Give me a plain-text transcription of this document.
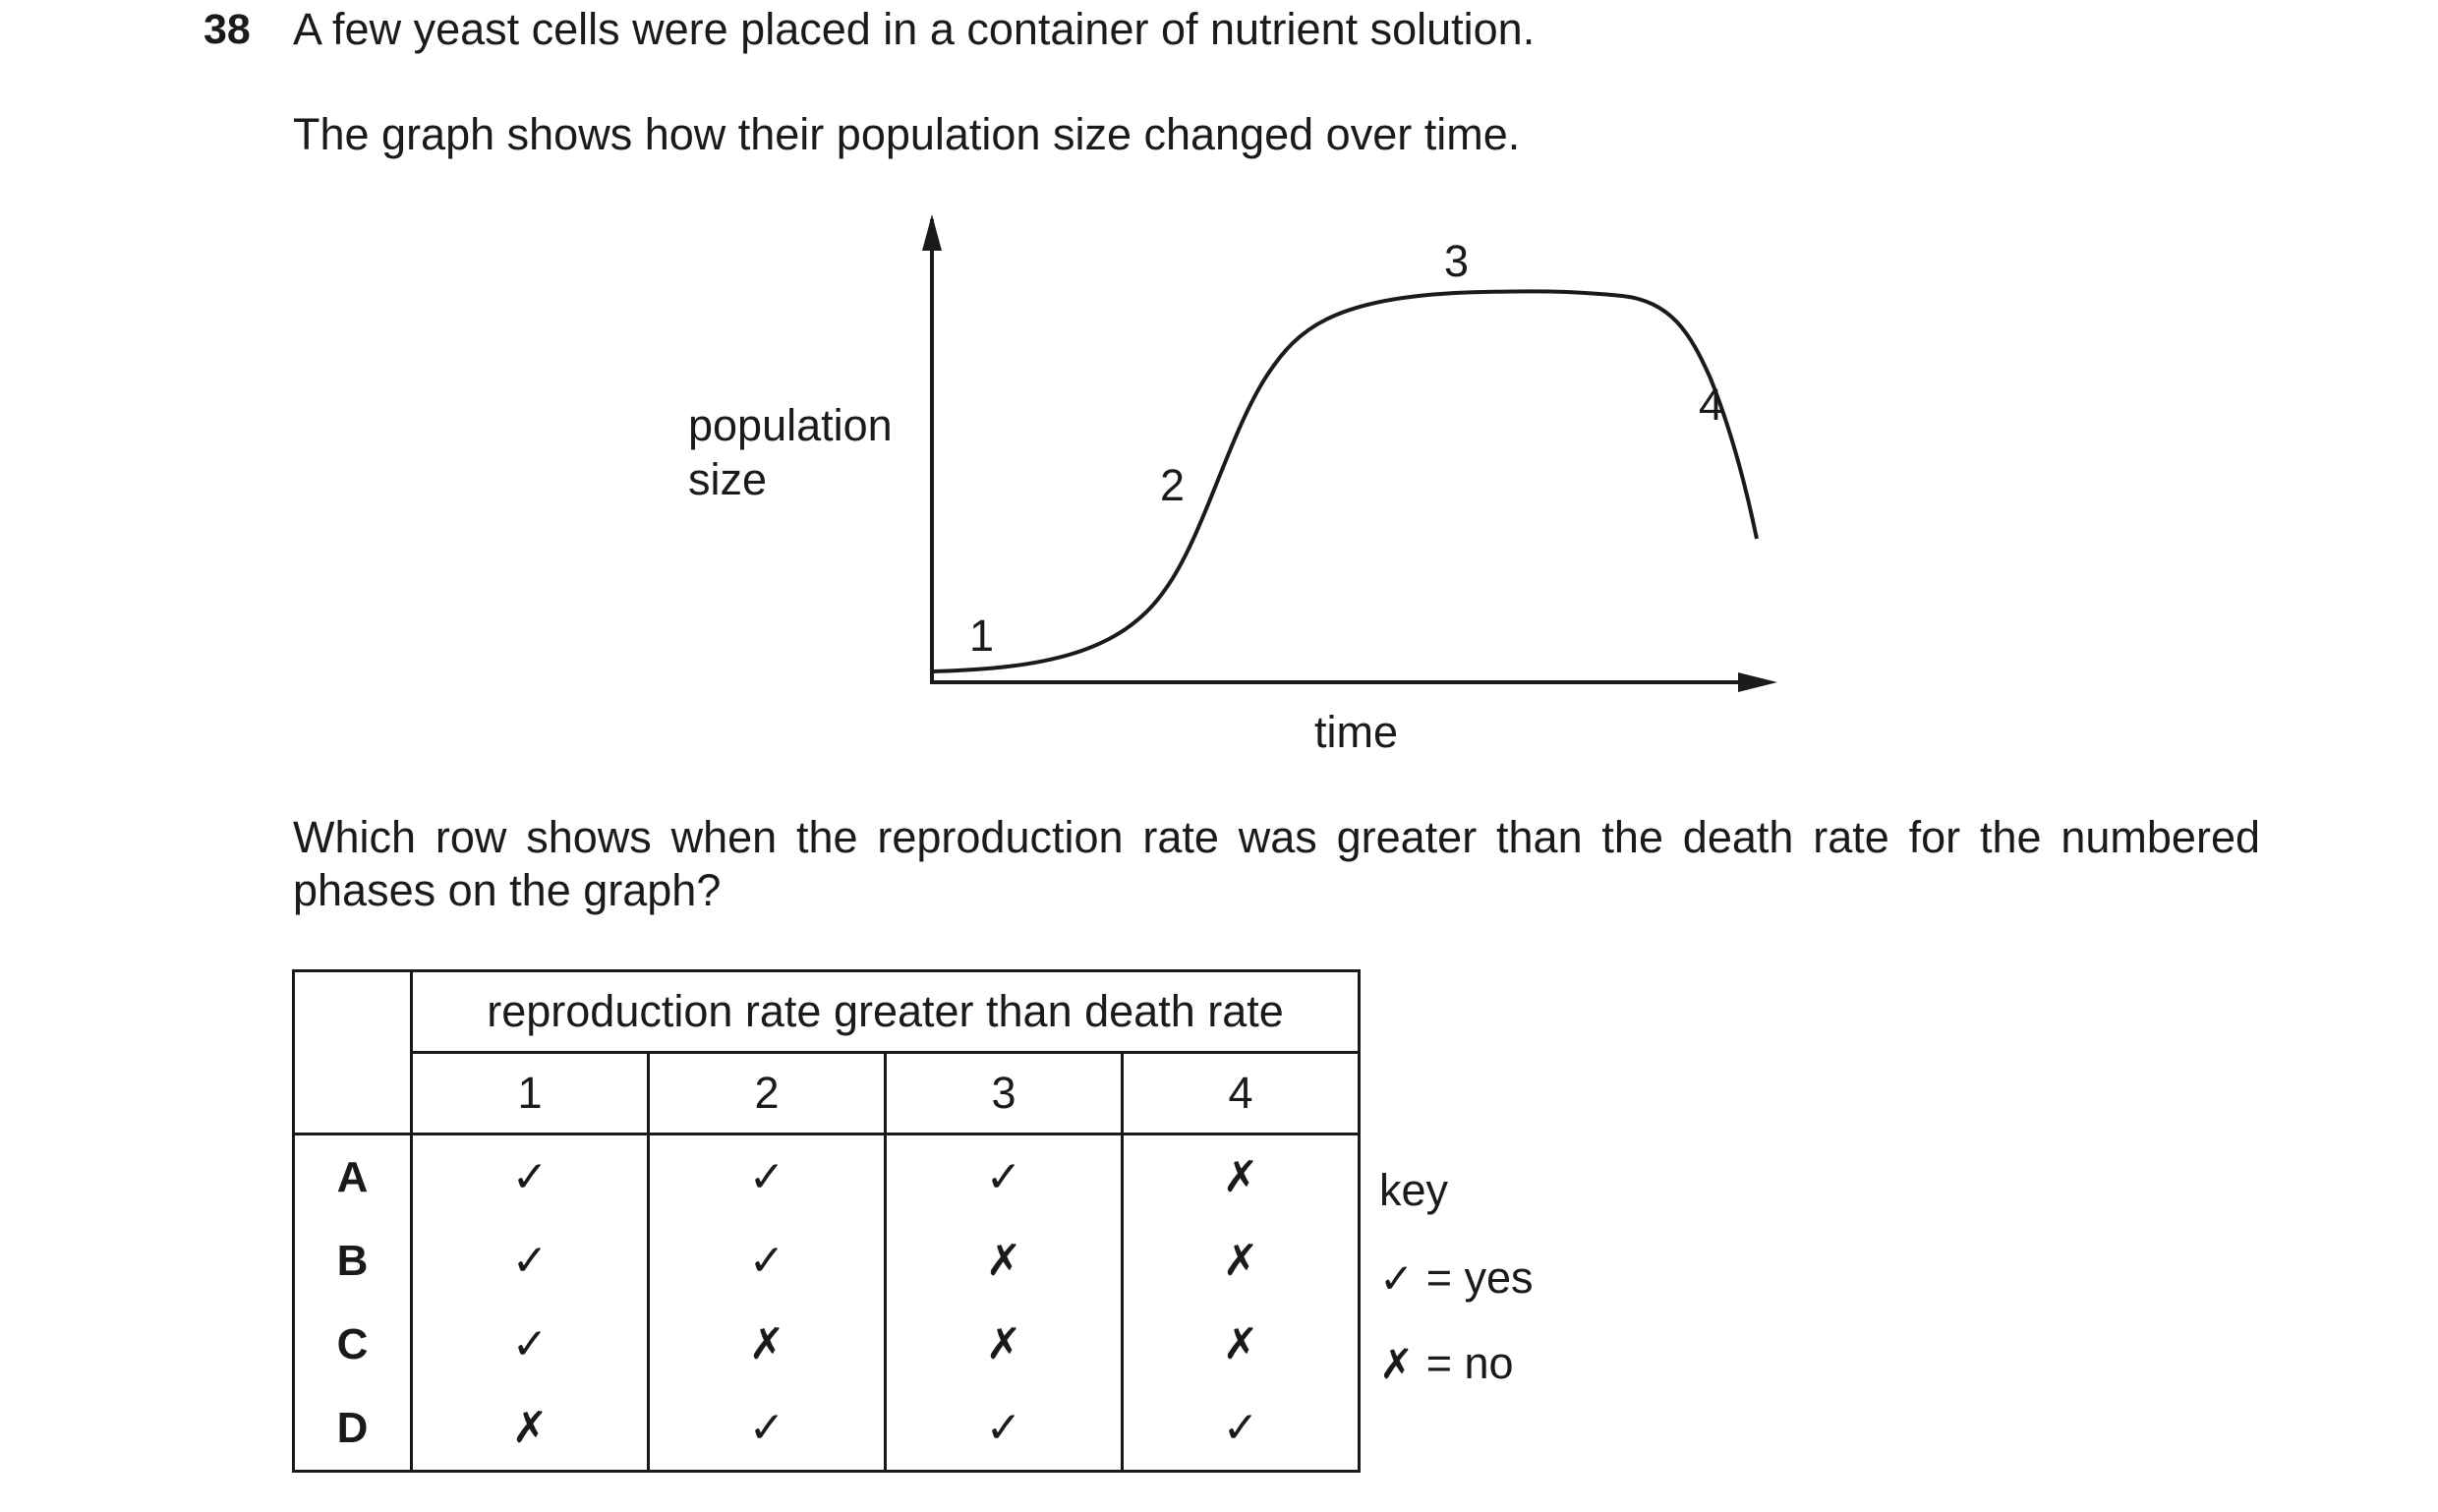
38 A few yeast cells were placed in a container of nutrient solution.
The graph shows how their population size changed over time.
population
size
time
1
2
3
4
Which row shows when the reproduction rate was greater than the death rate for the numbered phases on the graph?
	reproduction rate greater than death rate			
	1	2	3	4
A	✓	✓	✓	✗
B	✓	✓	✗	✗
C	✓	✗	✗	✗
D	✗	✓	✓	✓
key
✓ = yes
✗ = no
